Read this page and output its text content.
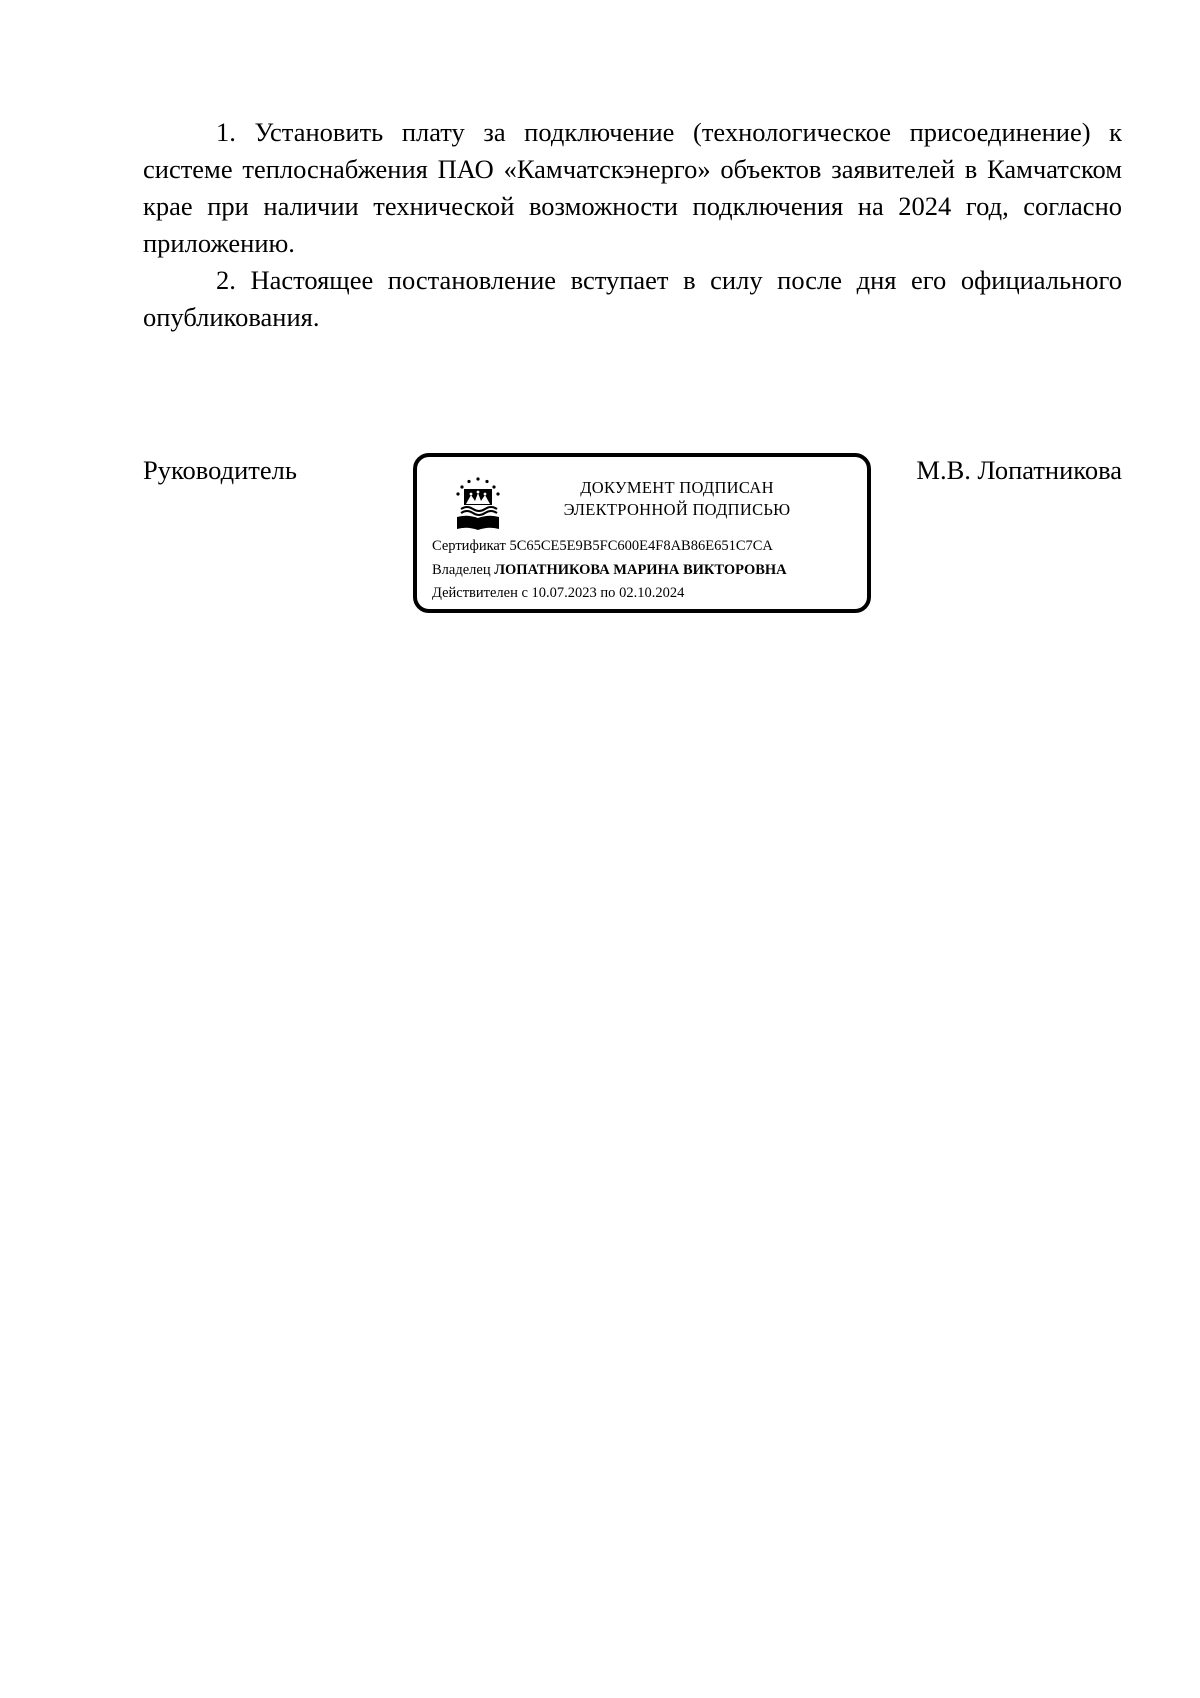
1. Установить плату за подключение (технологическое присоединение) к системе теплоснабжения ПАО «Камчатскэнерго» объектов заявителей в Камчатском крае при наличии технической возможности подключения на 2024 год, согласно приложению.

2. Настоящее постановление вступает в силу после дня его официального опубликования.

Руководитель	М.В. Лопатникова
ДОКУМЕНТ ПОДПИСАН
ЭЛЕКТРОННОЙ ПОДПИСЬЮ
Сертификат 5C65CE5E9B5FC600E4F8AB86E651C7CA
Владелец ЛОПАТНИКОВА МАРИНА ВИКТОРОВНА
Действителен с 10.07.2023 по 02.10.2024
